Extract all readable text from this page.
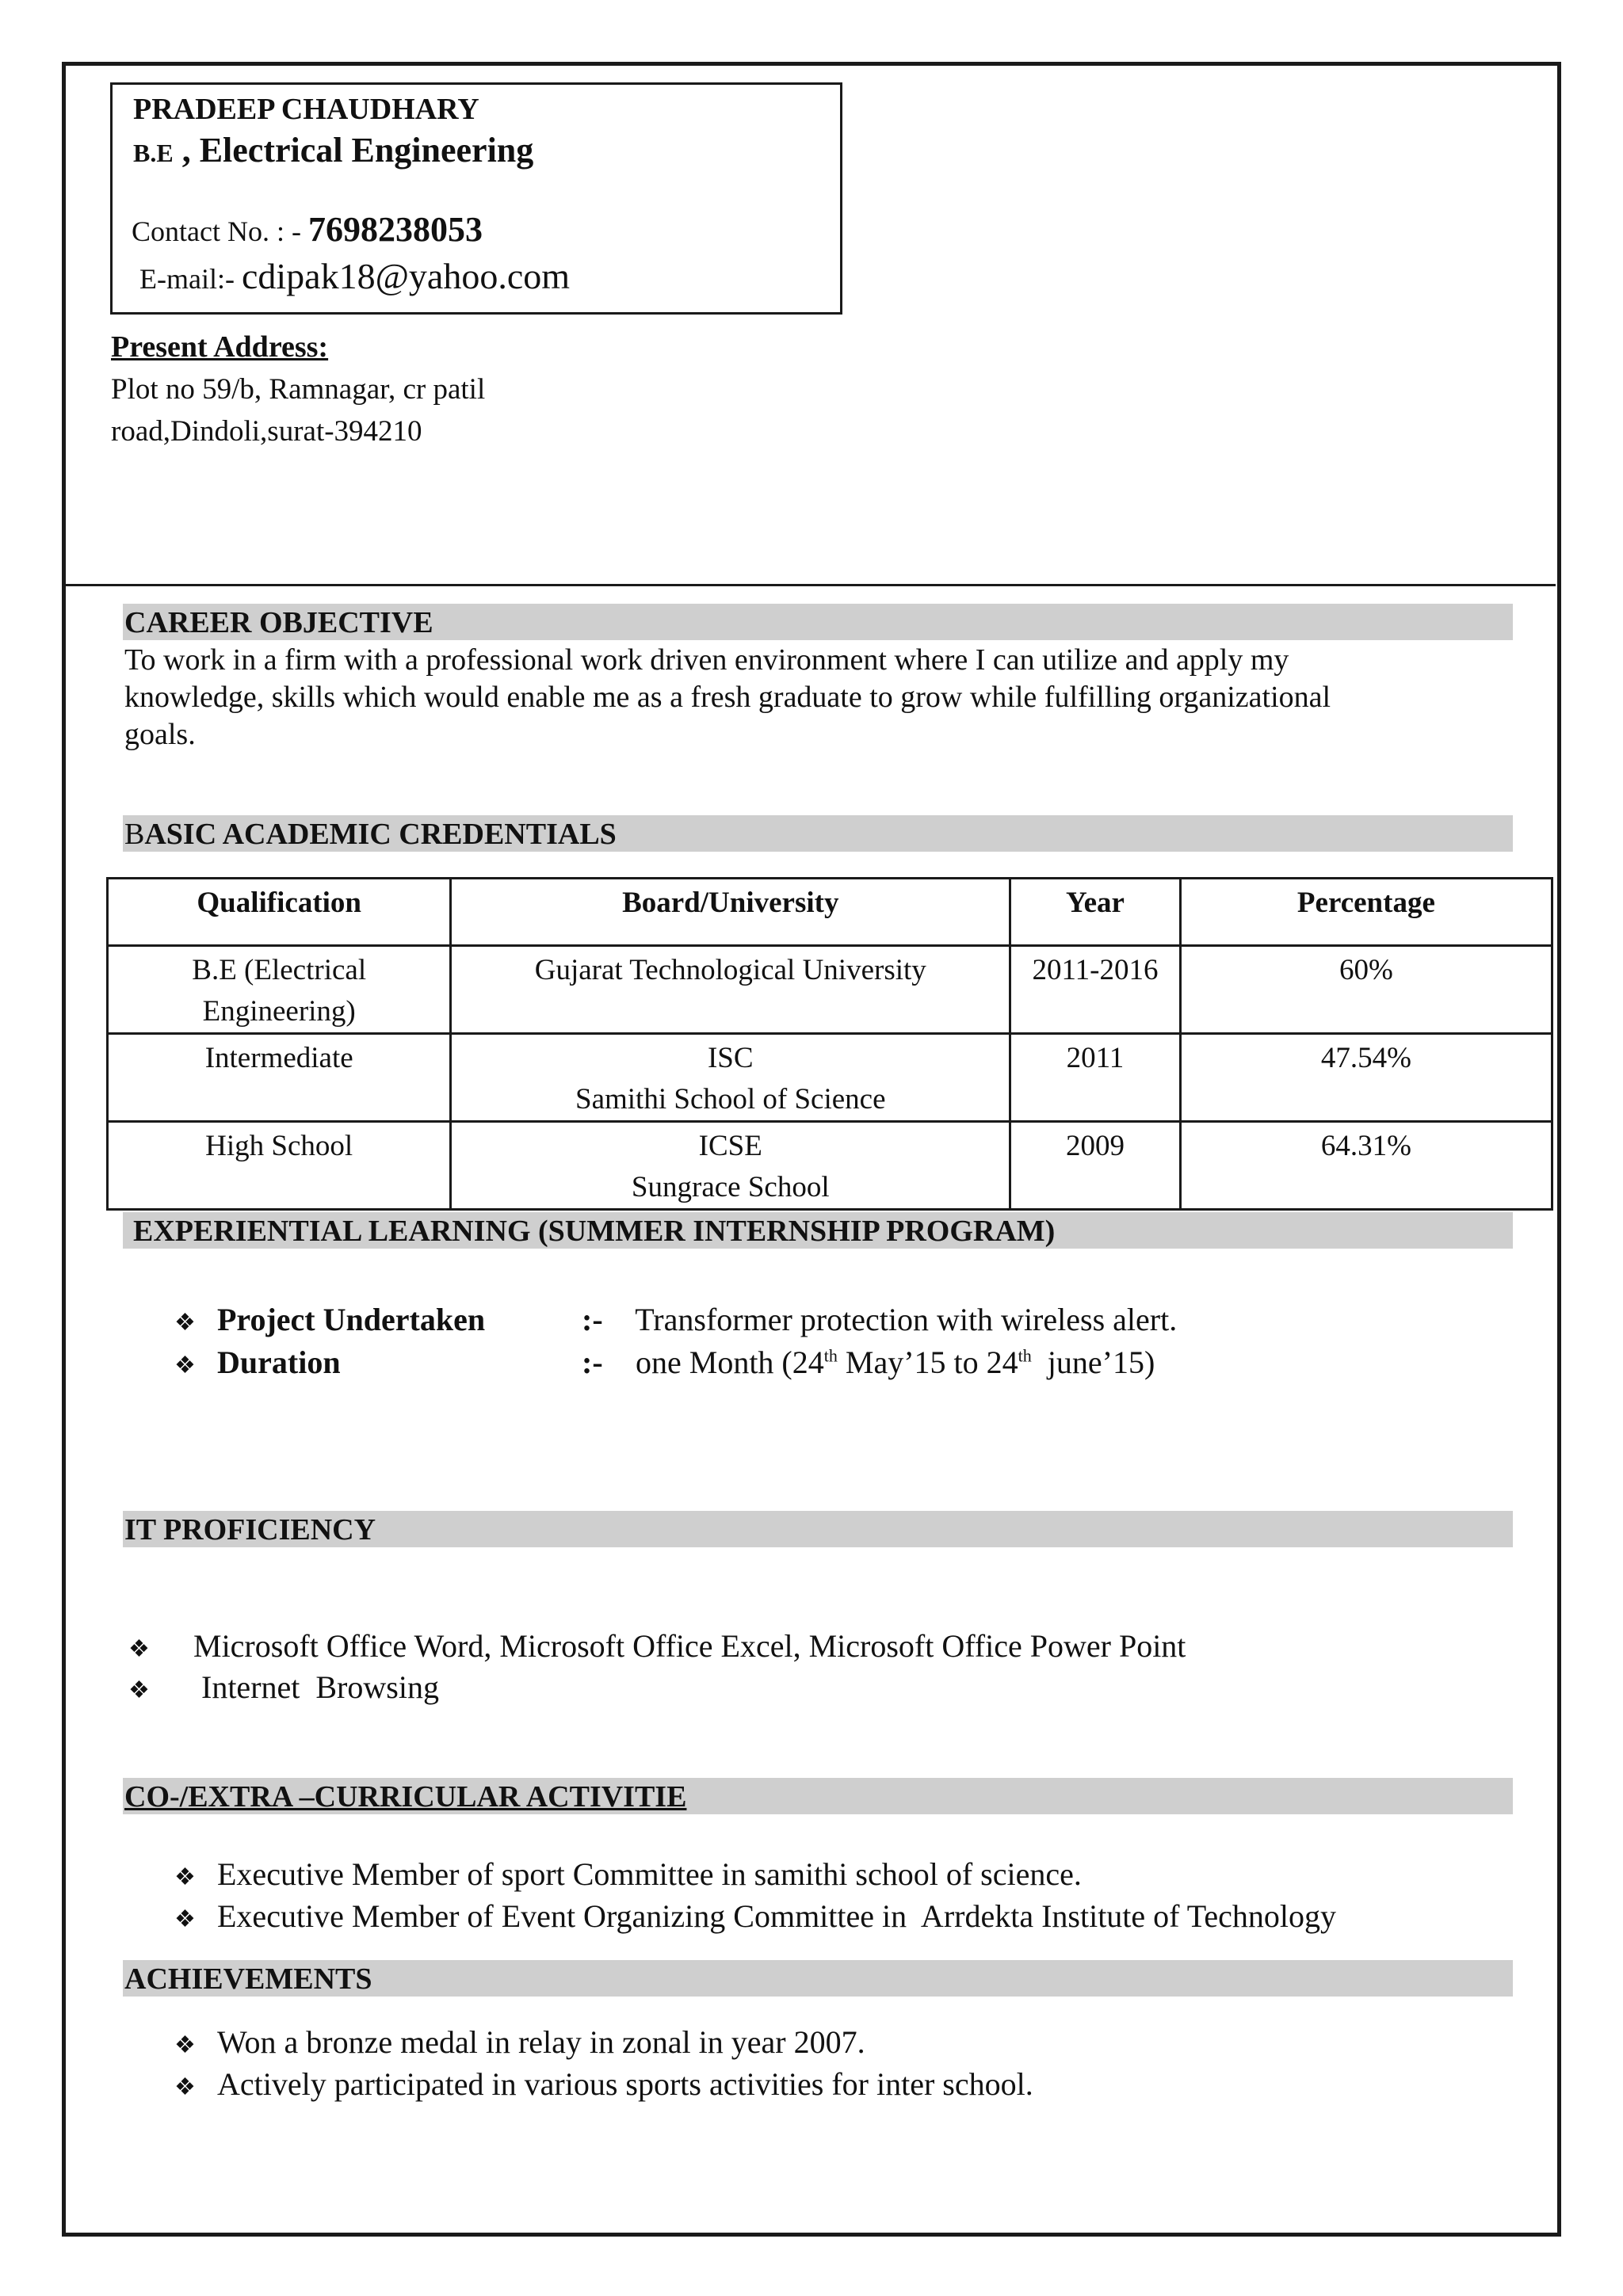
PRADEEP CHAUDHARY
B.E , Electrical Engineering
Contact No. : - 7698238053
E-mail:- cdipak18@yahoo.com
Present Address:
Plot no 59/b, Ramnagar, cr patil
road,Dindoli,surat-394210
CAREER OBJECTIVE
To work in a firm with a professional work driven environment where I can utilize and apply my
knowledge, skills which would enable me as a fresh graduate to grow while fulfilling organizational
goals.
BASIC ACADEMIC CREDENTIALS
Qualification	Board/University	Year	Percentage

B.E (Electrical
Engineering)	Gujarat Technological University	2011-2016	60%

Intermediate	ISC
Samithi School of Science	2011	47.54%

High School	ICSE
Sungrace School	2009	64.31%
EXPERIENTIAL LEARNING (SUMMER INTERNSHIP PROGRAM)
❖ Project Undertaken	:- Transformer protection with wireless alert.
❖ Duration	:- one Month (24th May’15 to 24th  june’15)
IT PROFICIENCY
❖ Microsoft Office Word, Microsoft Office Excel, Microsoft Office Power Point
❖ Internet  Browsing
CO-/EXTRA –CURRICULAR ACTIVITIE
❖ Executive Member of sport Committee in samithi school of science.
❖ Executive Member of Event Organizing Committee in  Arrdekta Institute of Technology
ACHIEVEMENTS
❖ Won a bronze medal in relay in zonal in year 2007.
❖ Actively participated in various sports activities for inter school.
